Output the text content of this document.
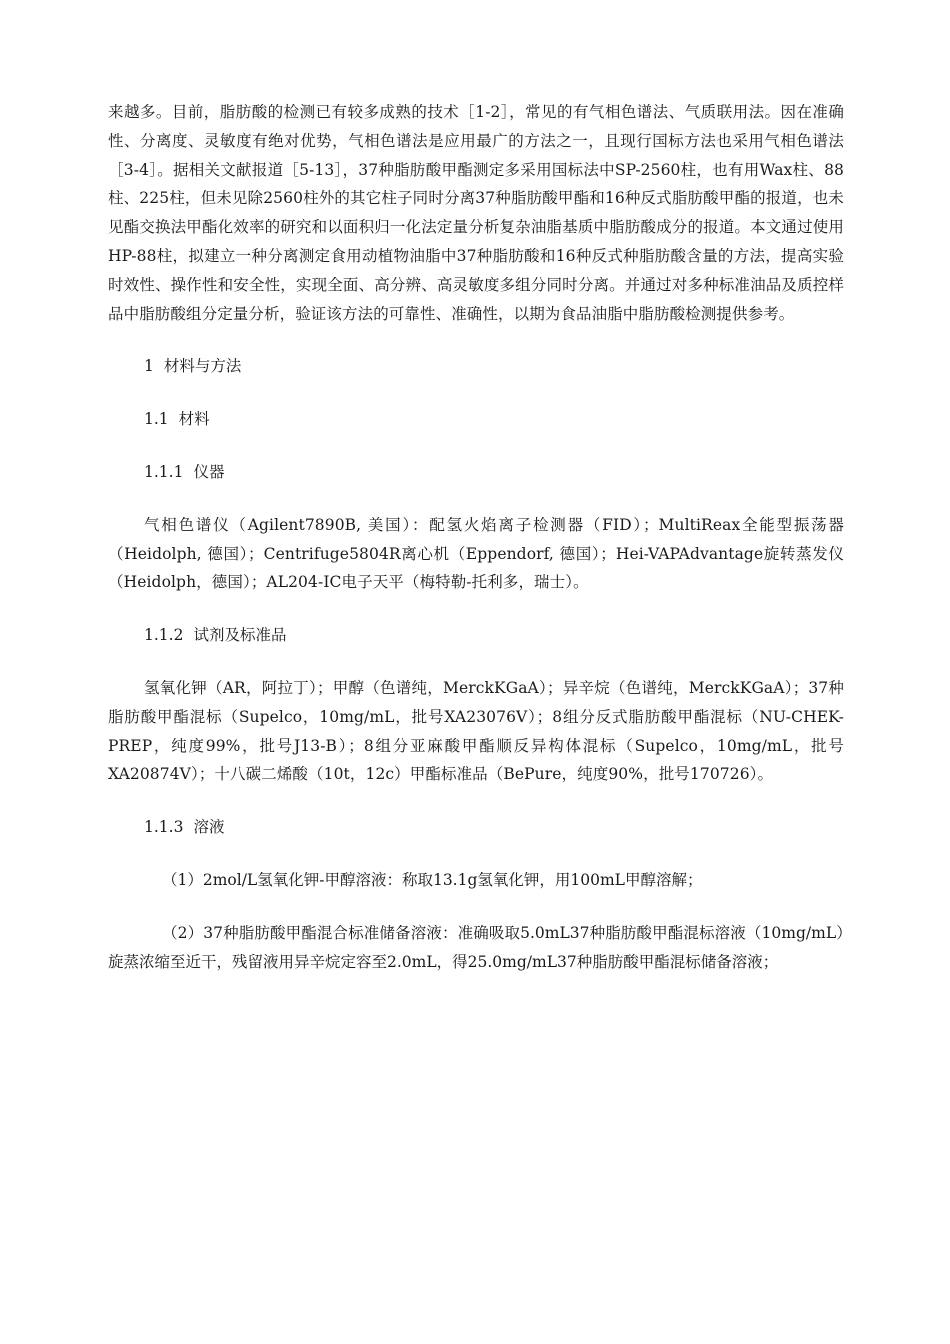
来越多。目前，脂肪酸的检测已有较多成熟的技术［1-2］，常见的有气相色谱法、气质联用法。因在准确性、分离度、灵敏度有绝对优势，气相色谱法是应用最广的方法之一，且现行国标方法也采用气相色谱法［3-4］。据相关文献报道［5-13］，37种脂肪酸甲酯测定多采用国标法中SP-2560柱，也有用Wax柱、88柱、225柱，但未见除2560柱外的其它柱子同时分离37种脂肪酸甲酯和16种反式脂肪酸甲酯的报道，也未见酯交换法甲酯化效率的研究和以面积归一化法定量分析复杂油脂基质中脂肪酸成分的报道。本文通过使用HP-88柱，拟建立一种分离测定食用动植物油脂中37种脂肪酸和16种反式种脂肪酸含量的方法，提高实验时效性、操作性和安全性，实现全面、高分辨、高灵敏度多组分同时分离。并通过对多种标准油品及质控样品中脂肪酸组分定量分析，验证该方法的可靠性、准确性，以期为食品油脂中脂肪酸检测提供参考。

1 材料与方法

1.1 材料

1.1.1 仪器

气相色谱仪（Agilent7890B, 美国）：配氢火焰离子检测器（FID）；MultiReax全能型振荡器（Heidolph, 德国）；Centrifuge5804R离心机（Eppendorf, 德国）；Hei-VAPAdvantage旋转蒸发仪（Heidolph，德国）；AL204-IC电子天平（梅特勒-托利多，瑞士）。

1.1.2 试剂及标准品

氢氧化钾（AR，阿拉丁）；甲醇（色谱纯，MerckKGaA）；异辛烷（色谱纯，MerckKGaA）；37种脂肪酸甲酯混标（Supelco，10mg/mL，批号XA23076V）；8组分反式脂肪酸甲酯混标（NU-CHEK-PREP，纯度99%，批号J13-B）；8组分亚麻酸甲酯顺反异构体混标（Supelco，10mg/mL，批号XA20874V）；十八碳二烯酸（10t，12c）甲酯标准品（BePure，纯度90%，批号170726）。

1.1.3 溶液

（1）2mol/L氢氧化钾-甲醇溶液：称取13.1g氢氧化钾，用100mL甲醇溶解；

（2）37种脂肪酸甲酯混合标准储备溶液：准确吸取5.0mL37种脂肪酸甲酯混标溶液（10mg/mL）旋蒸浓缩至近干，残留液用异辛烷定容至2.0mL，得25.0mg/mL37种脂肪酸甲酯混标储备溶液；
